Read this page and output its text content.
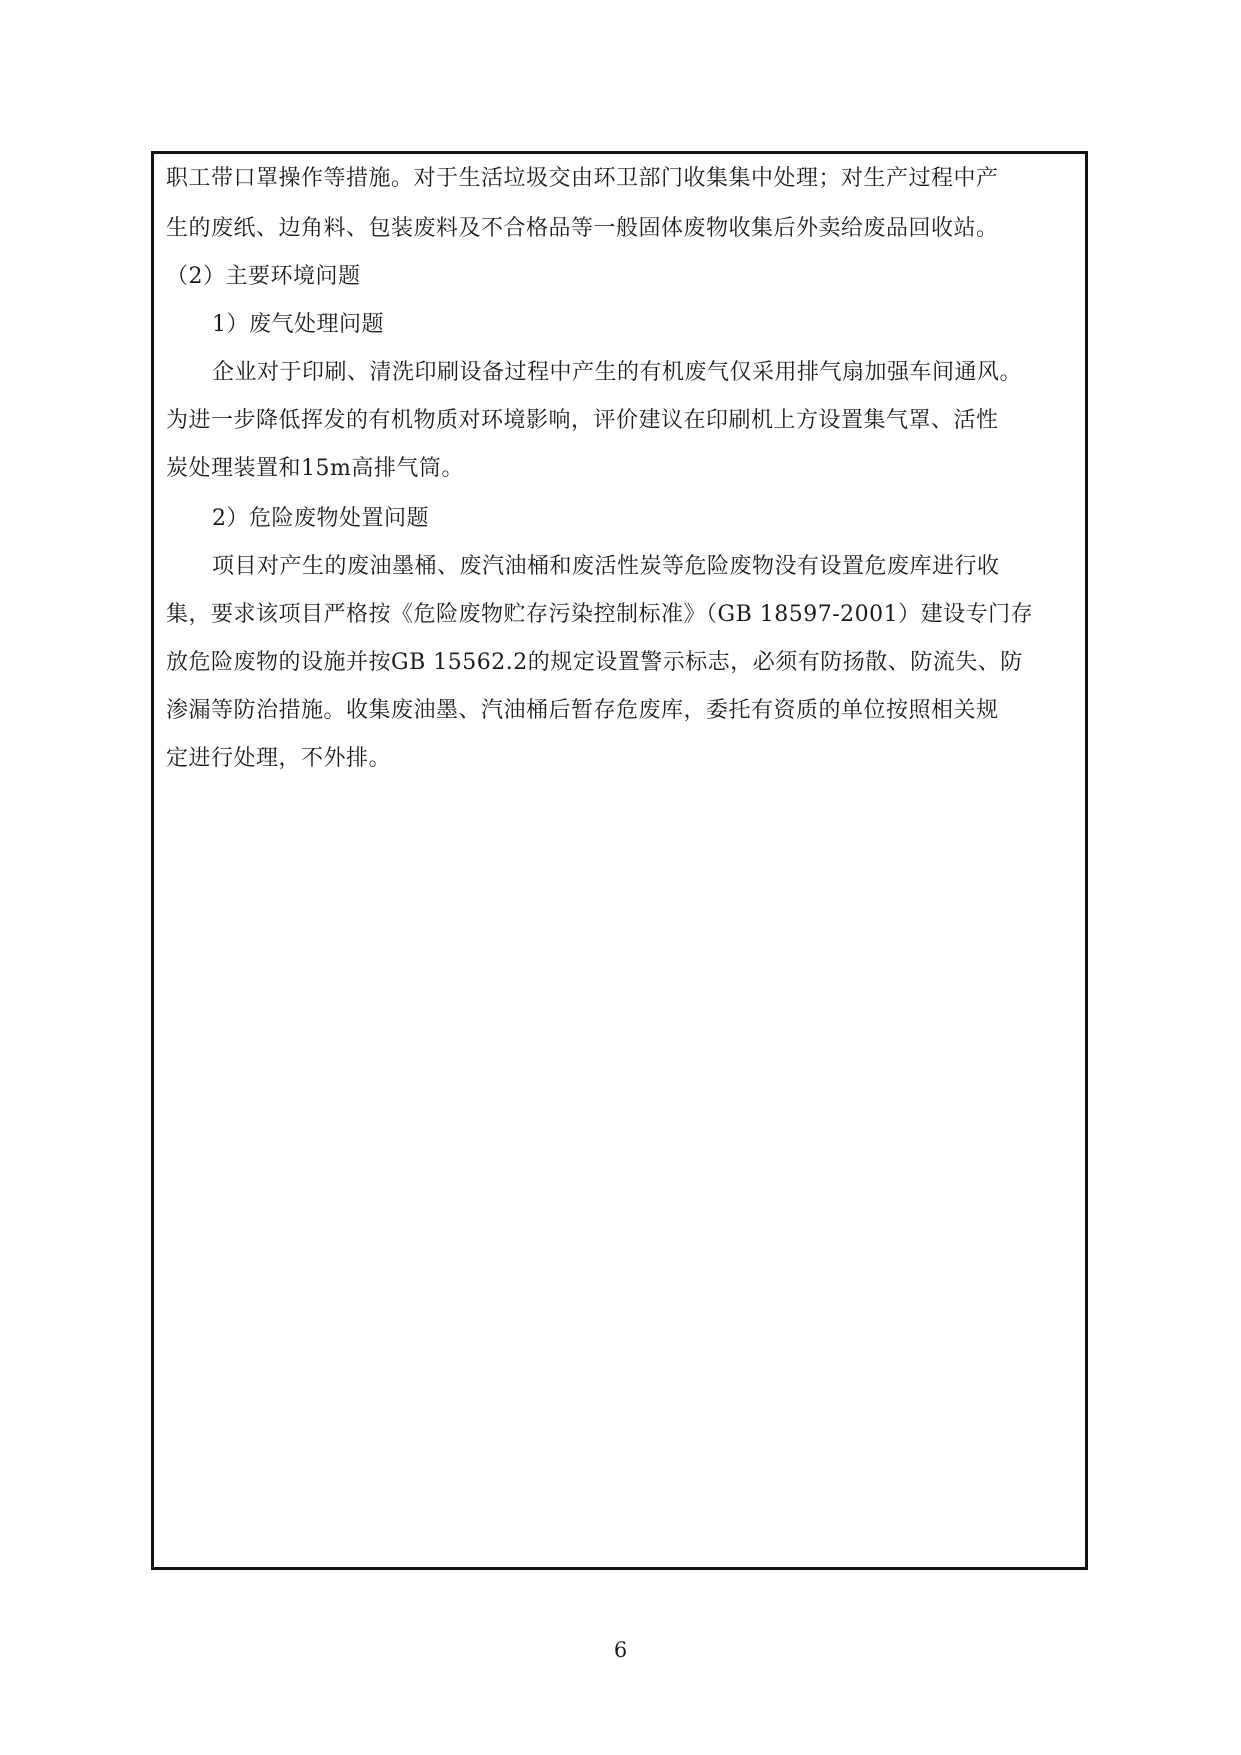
职工带口罩操作等措施。对于生活垃圾交由环卫部门收集集中处理；对生产过程中产
生的废纸、边角料、包装废料及不合格品等一般固体废物收集后外卖给废品回收站。
（2）主要环境问题
1）废气处理问题
企业对于印刷、清洗印刷设备过程中产生的有机废气仅采用排气扇加强车间通风。
为进一步降低挥发的有机物质对环境影响，评价建议在印刷机上方设置集气罩、活性
炭处理装置和15m高排气筒。
2）危险废物处置问题
项目对产生的废油墨桶、废汽油桶和废活性炭等危险废物没有设置危废库进行收
集，要求该项目严格按《危险废物贮存污染控制标准》（GB 18597-2001）建设专门存
放危险废物的设施并按GB 15562.2的规定设置警示标志，必须有防扬散、防流失、防
渗漏等防治措施。收集废油墨、汽油桶后暂存危废库，委托有资质的单位按照相关规
定进行处理，不外排。
6
